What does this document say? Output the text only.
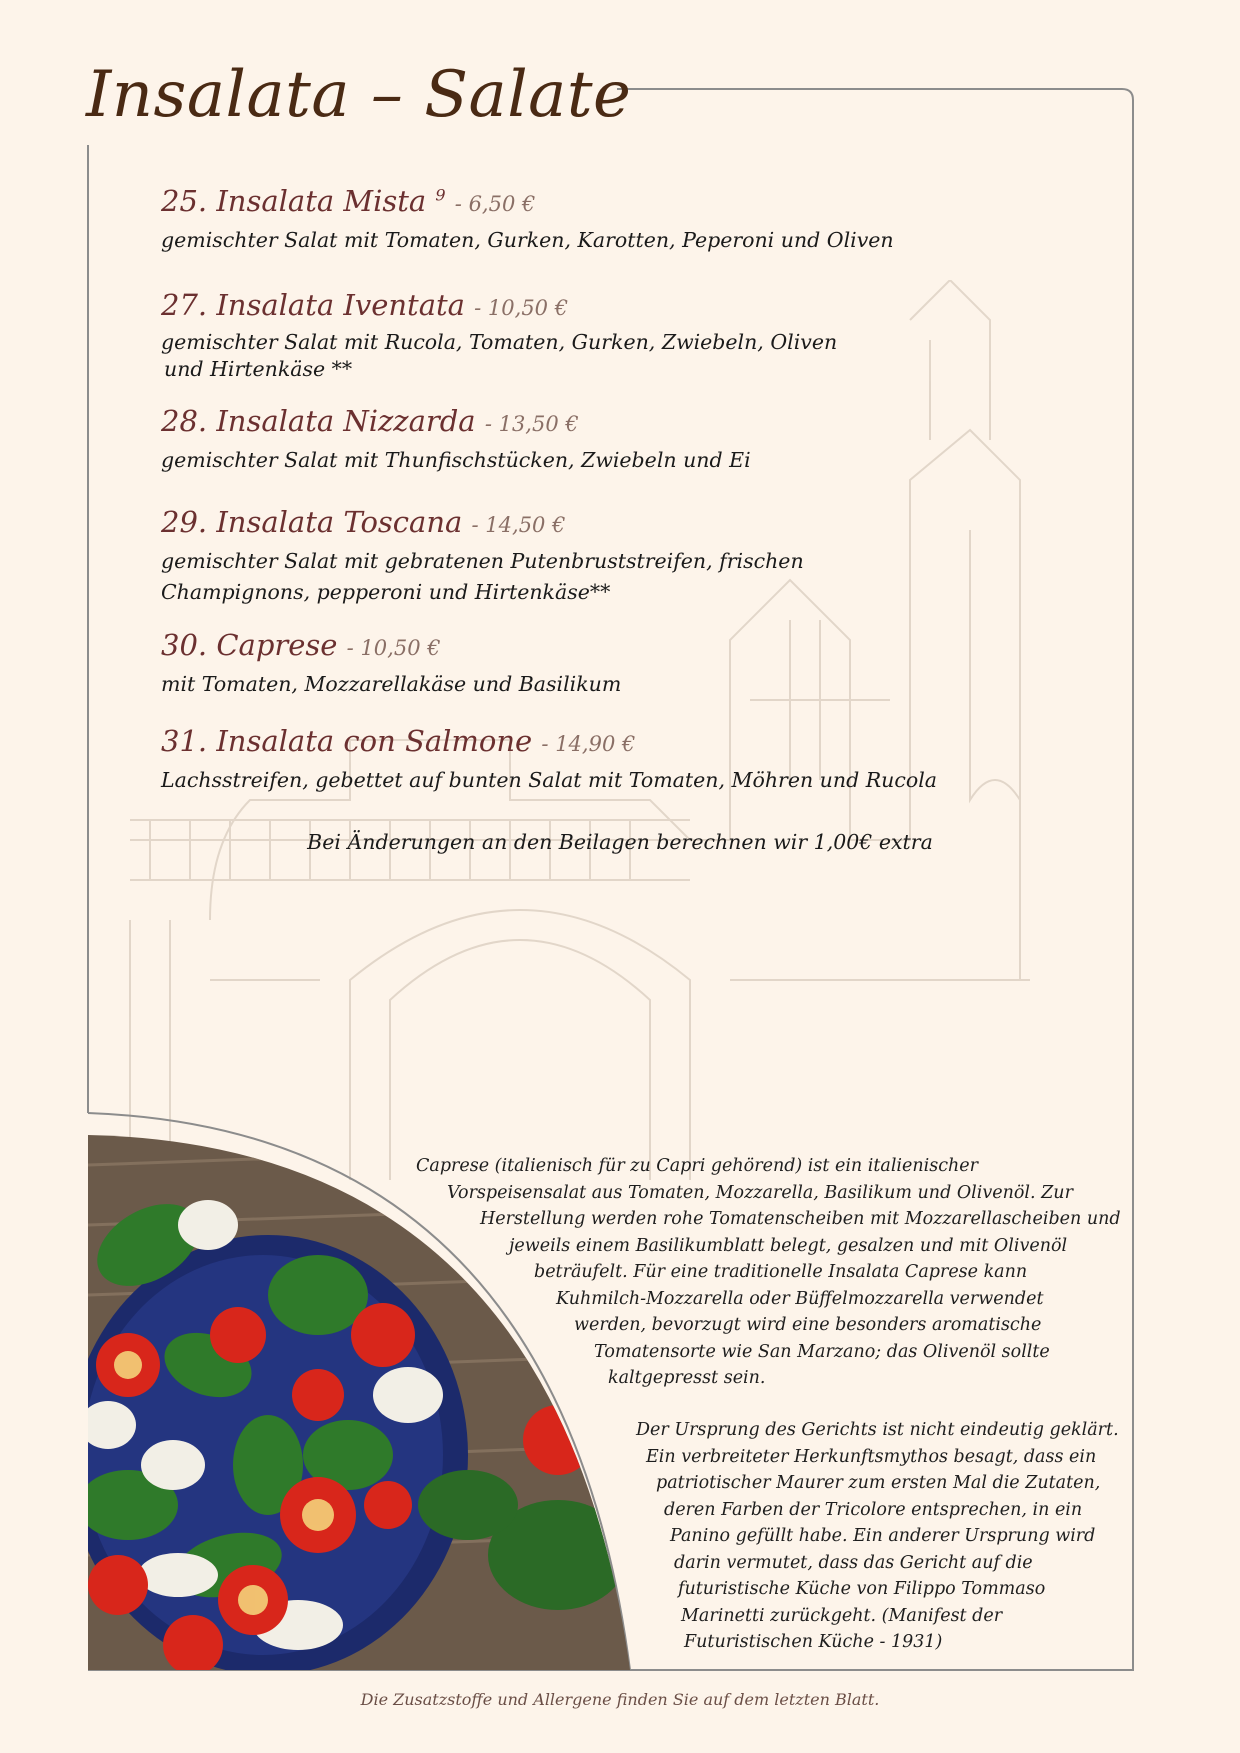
Insalata – Salate
25. Insalata Mista $^9$ - 6,50 €
gemischter Salat mit Tomaten, Gurken, Karotten, Peperoni und Oliven
27. Insalata Iventata - 10,50 €
gemischter Salat mit Rucola, Tomaten, Gurken, Zwiebeln, Oliven
und Hirtenkäse **
28. Insalata Nizzarda - 13,50 €
gemischter Salat mit Thunfischstücken, Zwiebeln und Ei
29. Insalata Toscana - 14,50 €
gemischter Salat mit gebratenen Putenbruststreifen, frischen
Champignons, pepperoni und Hirtenkäse**
30. Caprese - 10,50 €
mit Tomaten, Mozzarellakäse und Basilikum
31. Insalata con Salmone - 14,90 €
Lachsstreifen, gebettet auf bunten Salat mit Tomaten, Möhren und Rucola
Bei Änderungen an den Beilagen berechnen wir 1,00€ extra
Caprese (italienisch für zu Capri gehörend) ist ein italienischer
Vorspeisensalat aus Tomaten, Mozzarella, Basilikum und Olivenöl. Zur
Herstellung werden rohe Tomatenscheiben mit Mozzarellascheiben und
jeweils einem Basilikumblatt belegt, gesalzen und mit Olivenöl
beträufelt. Für eine traditionelle Insalata Caprese kann
Kuhmilch-Mozzarella oder Büffelmozzarella verwendet
werden, bevorzugt wird eine besonders aromatische
Tomatensorte wie San Marzano; das Olivenöl sollte
kaltgepresst sein.
Der Ursprung des Gerichts ist nicht eindeutig geklärt.
Ein verbreiteter Herkunftsmythos besagt, dass ein
patriotischer Maurer zum ersten Mal die Zutaten,
deren Farben der Tricolore entsprechen, in ein
Panino gefüllt habe. Ein anderer Ursprung wird
darin vermutet, dass das Gericht auf die
futuristische Küche von Filippo Tommaso
Marinetti zurückgeht. (Manifest der
Futuristischen Küche - 1931)
Die Zusatzstoffe und Allergene finden Sie auf dem letzten Blatt.
